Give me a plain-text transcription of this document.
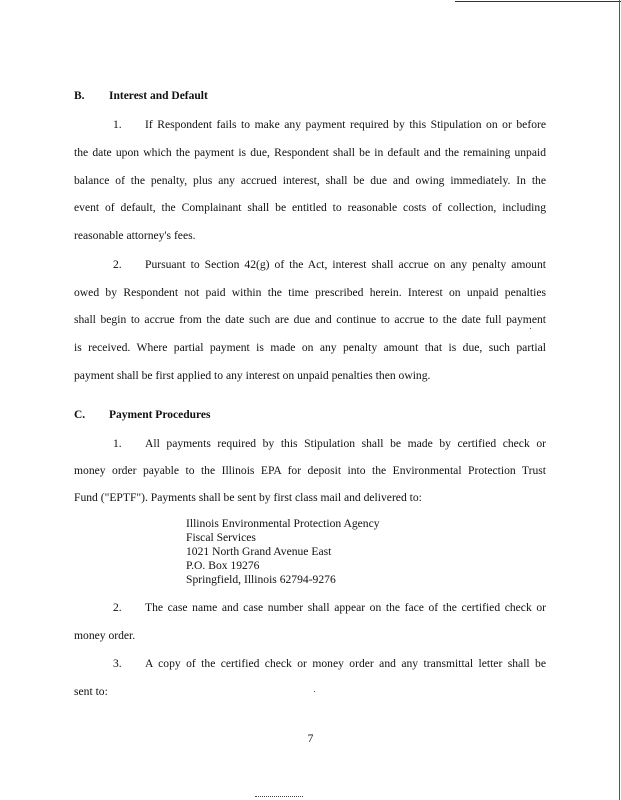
B. Interest and Default
1. If Respondent fails to make any payment required by this Stipulation on or before
the date upon which the payment is due, Respondent shall be in default and the remaining unpaid
balance of the penalty, plus any accrued interest, shall be due and owing immediately. In the
event of default, the Complainant shall be entitled to reasonable costs of collection, including
reasonable attorney's fees.
2. Pursuant to Section 42(g) of the Act, interest shall accrue on any penalty amount
owed by Respondent not paid within the time prescribed herein. Interest on unpaid penalties
shall begin to accrue from the date such are due and continue to accrue to the date full payment
is received. Where partial payment is made on any penalty amount that is due, such partial
payment shall be first applied to any interest on unpaid penalties then owing.
C. Payment Procedures
1. All payments required by this Stipulation shall be made by certified check or
money order payable to the Illinois EPA for deposit into the Environmental Protection Trust
Fund ("EPTF"). Payments shall be sent by first class mail and delivered to:
Illinois Environmental Protection Agency
Fiscal Services
1021 North Grand Avenue East
P.O. Box 19276
Springfield, Illinois 62794-9276
2. The case name and case number shall appear on the face of the certified check or
money order.
3. A copy of the certified check or money order and any transmittal letter shall be
sent to:
7
